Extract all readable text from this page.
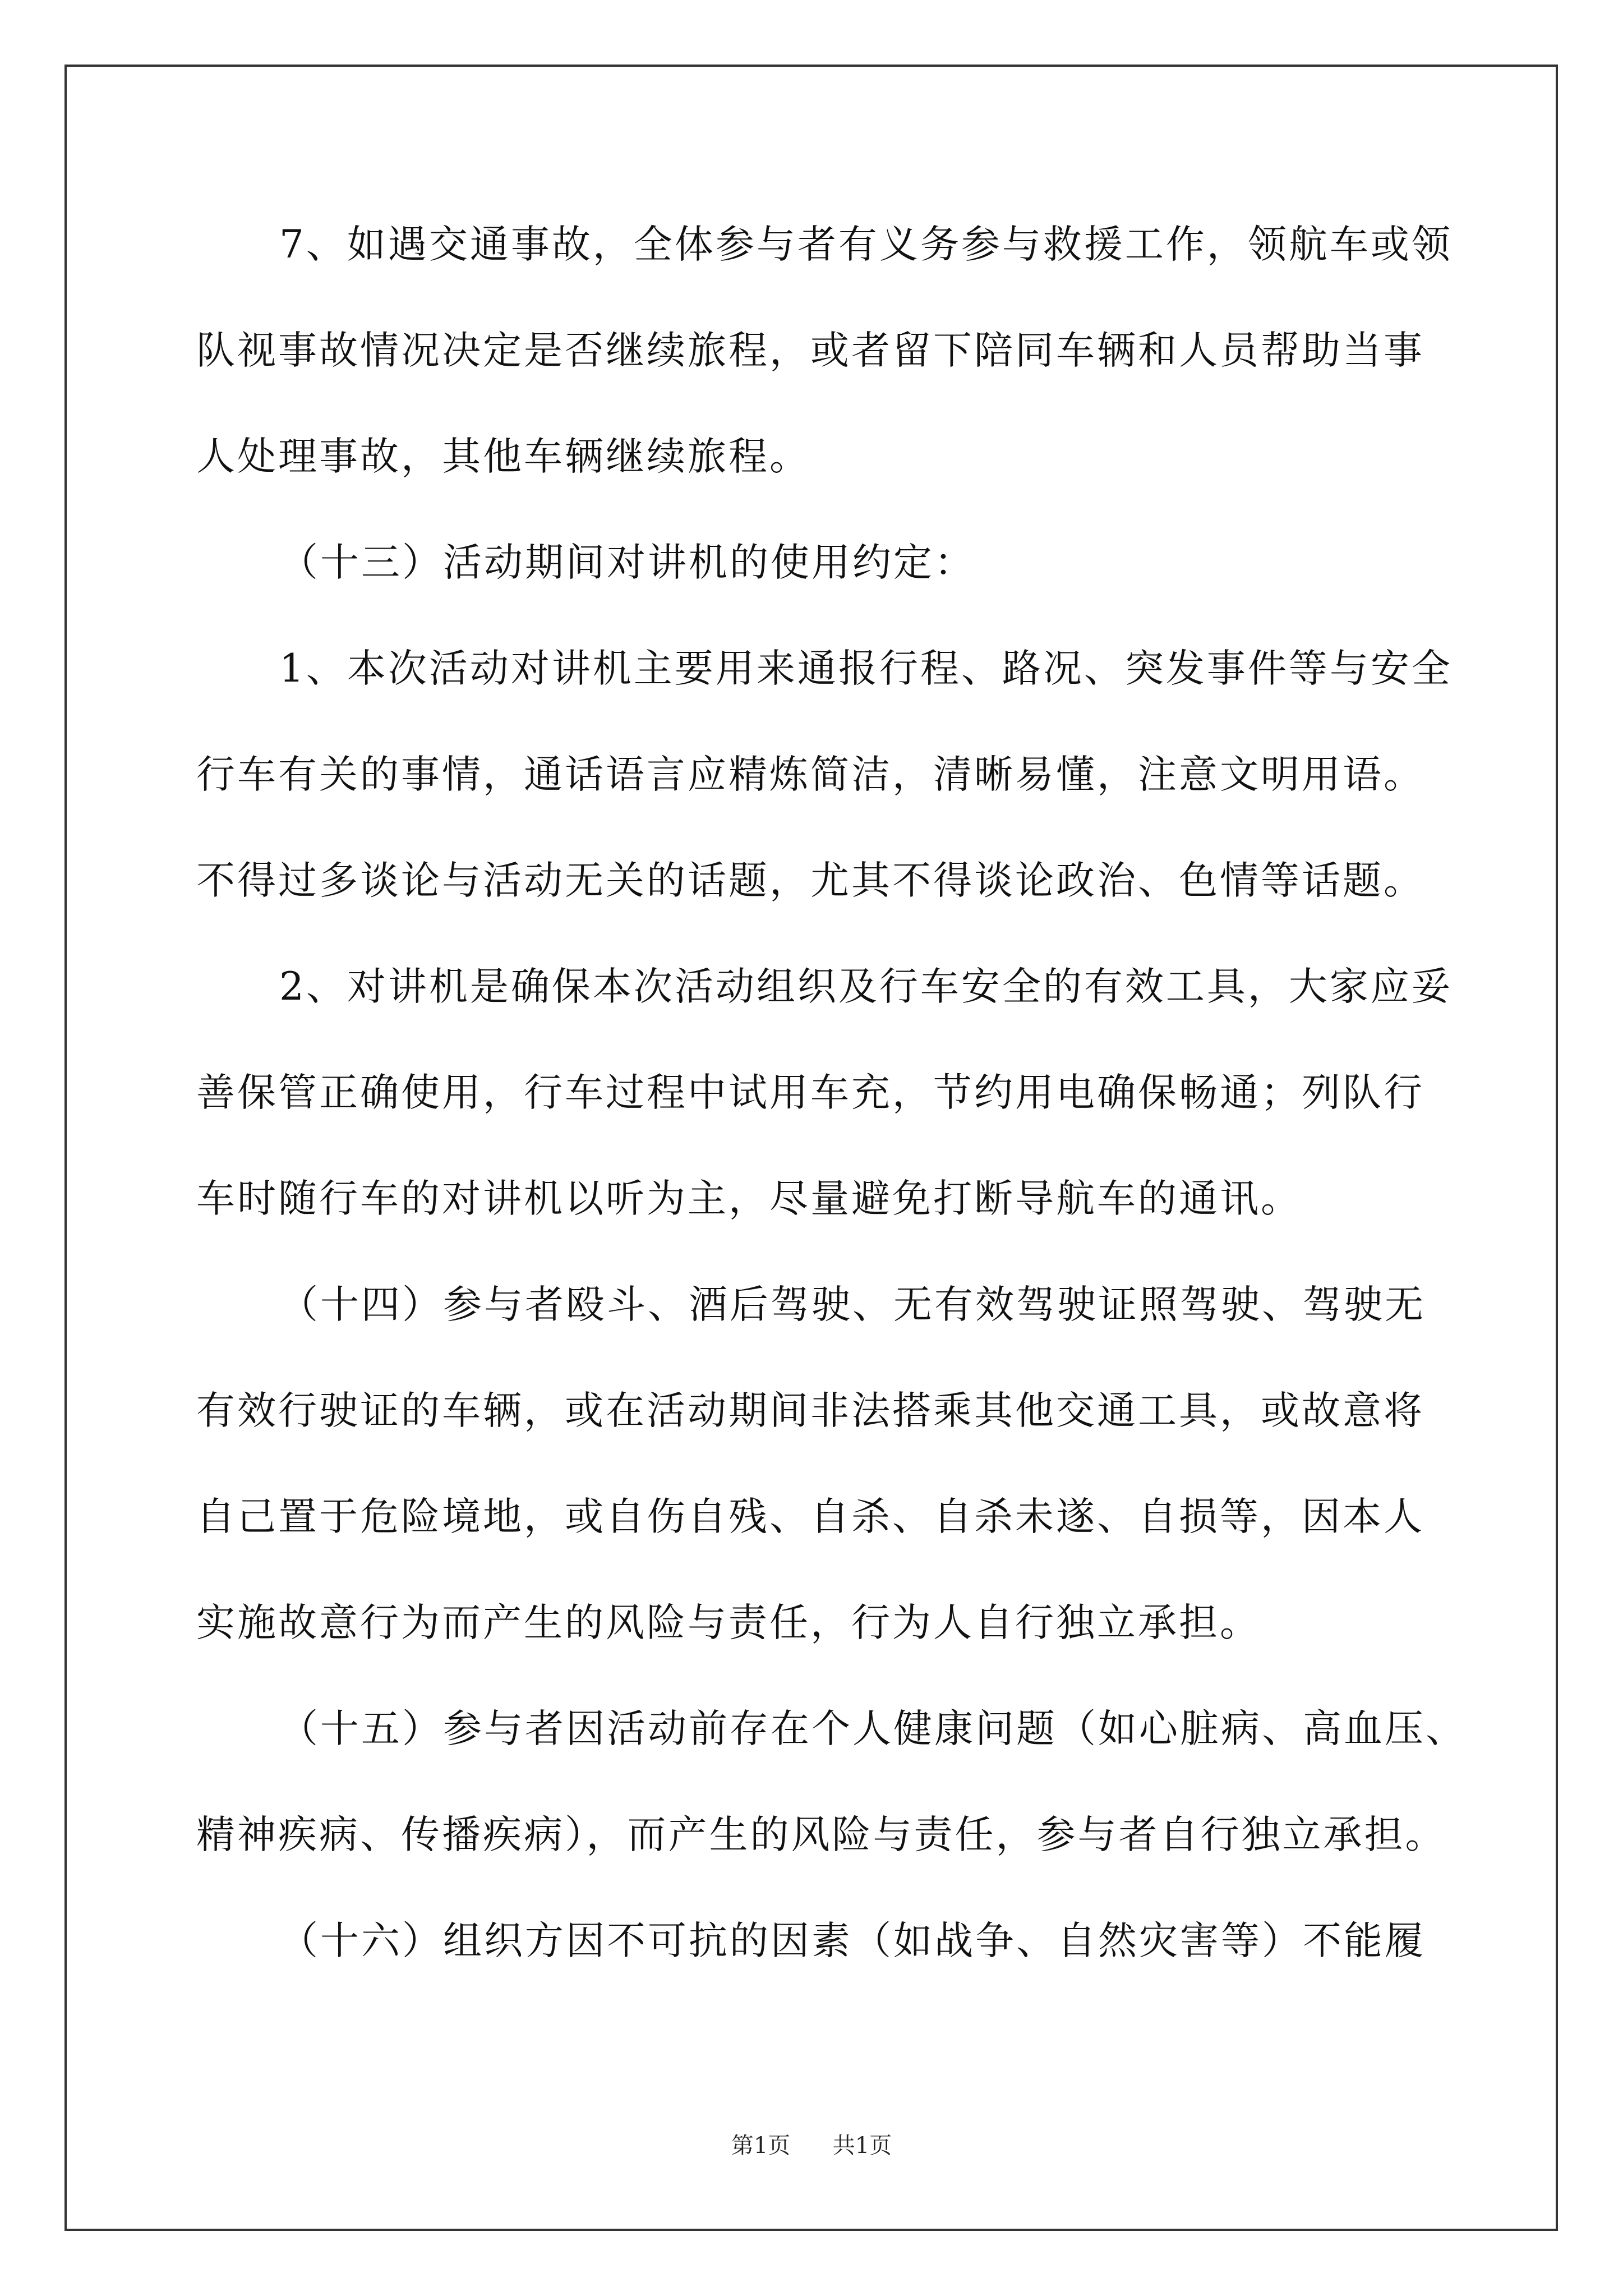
7、如遇交通事故，全体参与者有义务参与救援工作，领航车或领
队视事故情况决定是否继续旅程，或者留下陪同车辆和人员帮助当事
人处理事故，其他车辆继续旅程。
（十三）活动期间对讲机的使用约定：
1、本次活动对讲机主要用来通报行程、路况、突发事件等与安全
行车有关的事情，通话语言应精炼简洁，清晰易懂，注意文明用语。
不得过多谈论与活动无关的话题，尤其不得谈论政治、色情等话题。
2、对讲机是确保本次活动组织及行车安全的有效工具，大家应妥
善保管正确使用，行车过程中试用车充，节约用电确保畅通；列队行
车时随行车的对讲机以听为主，尽量避免打断导航车的通讯。
（十四）参与者殴斗、酒后驾驶、无有效驾驶证照驾驶、驾驶无
有效行驶证的车辆，或在活动期间非法搭乘其他交通工具，或故意将
自己置于危险境地，或自伤自残、自杀、自杀未遂、自损等，因本人
实施故意行为而产生的风险与责任，行为人自行独立承担。
（十五）参与者因活动前存在个人健康问题（如心脏病、高血压、
精神疾病、传播疾病），而产生的风险与责任，参与者自行独立承担。
（十六）组织方因不可抗的因素（如战争、自然灾害等）不能履
第1页 共1页
